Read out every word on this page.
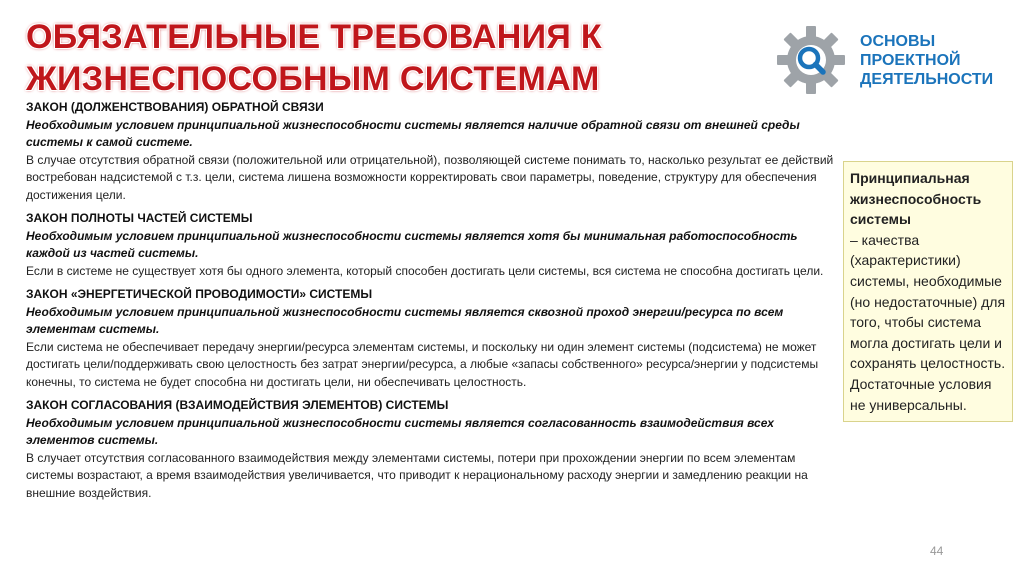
ОБЯЗАТЕЛЬНЫЕ ТРЕБОВАНИЯ К
ЖИЗНЕСПОСОБНЫМ СИСТЕМАМ
ОСНОВЫ
ПРОЕКТНОЙ
ДЕЯТЕЛЬНОСТИ
ЗАКОН (ДОЛЖЕНСТВОВАНИЯ) ОБРАТНОЙ СВЯЗИ

Необходимым условием принципиальной жизнеспособности системы является наличие обратной связи от внешней среды системы к самой системе.

В случае отсутствия обратной связи (положительной или отрицательной), позволяющей системе понимать то, насколько результат ее действий востребован надсистемой с т.з. цели, система лишена возможности корректировать свои параметры, поведение, структуру для обеспечения достижения цели.

ЗАКОН ПОЛНОТЫ ЧАСТЕЙ СИСТЕМЫ

Необходимым условием принципиальной жизнеспособности системы является хотя бы минимальная работоспособность каждой из частей системы.

Если в системе не существует хотя бы одного элемента, который способен достигать цели системы, вся система не способна достигать цели.

ЗАКОН «ЭНЕРГЕТИЧЕСКОЙ ПРОВОДИМОСТИ» СИСТЕМЫ

Необходимым условием принципиальной жизнеспособности системы является сквозной проход энергии/ресурса по всем элементам системы.

Если система не обеспечивает передачу энергии/ресурса элементам системы, и поскольку ни один элемент системы (подсистема) не может достигать цели/поддерживать свою целостность без затрат энергии/ресурса, а любые «запасы собственного» ресурса/энергии у подсистемы конечны, то система не будет способна ни достигать цели, ни обеспечивать целостность.

ЗАКОН СОГЛАСОВАНИЯ (ВЗАИМОДЕЙСТВИЯ ЭЛЕМЕНТОВ) СИСТЕМЫ

Необходимым условием принципиальной жизнеспособности системы является согласованность взаимодействия всех элементов системы.

В случает отсутствия согласованного взаимодействия между элементами системы, потери при прохождении энергии по всем элементам системы возрастают, а время взаимодействия увеличивается, что приводит к нерациональному расходу энергии и замедлению реакции на внешние воздействия.

Принципиальная жизнеспособность системы
– качества (характеристики) системы, необходимые (но недостаточные) для того, чтобы система могла достигать цели и сохранять целостность. Достаточные условия не универсальны.
44
